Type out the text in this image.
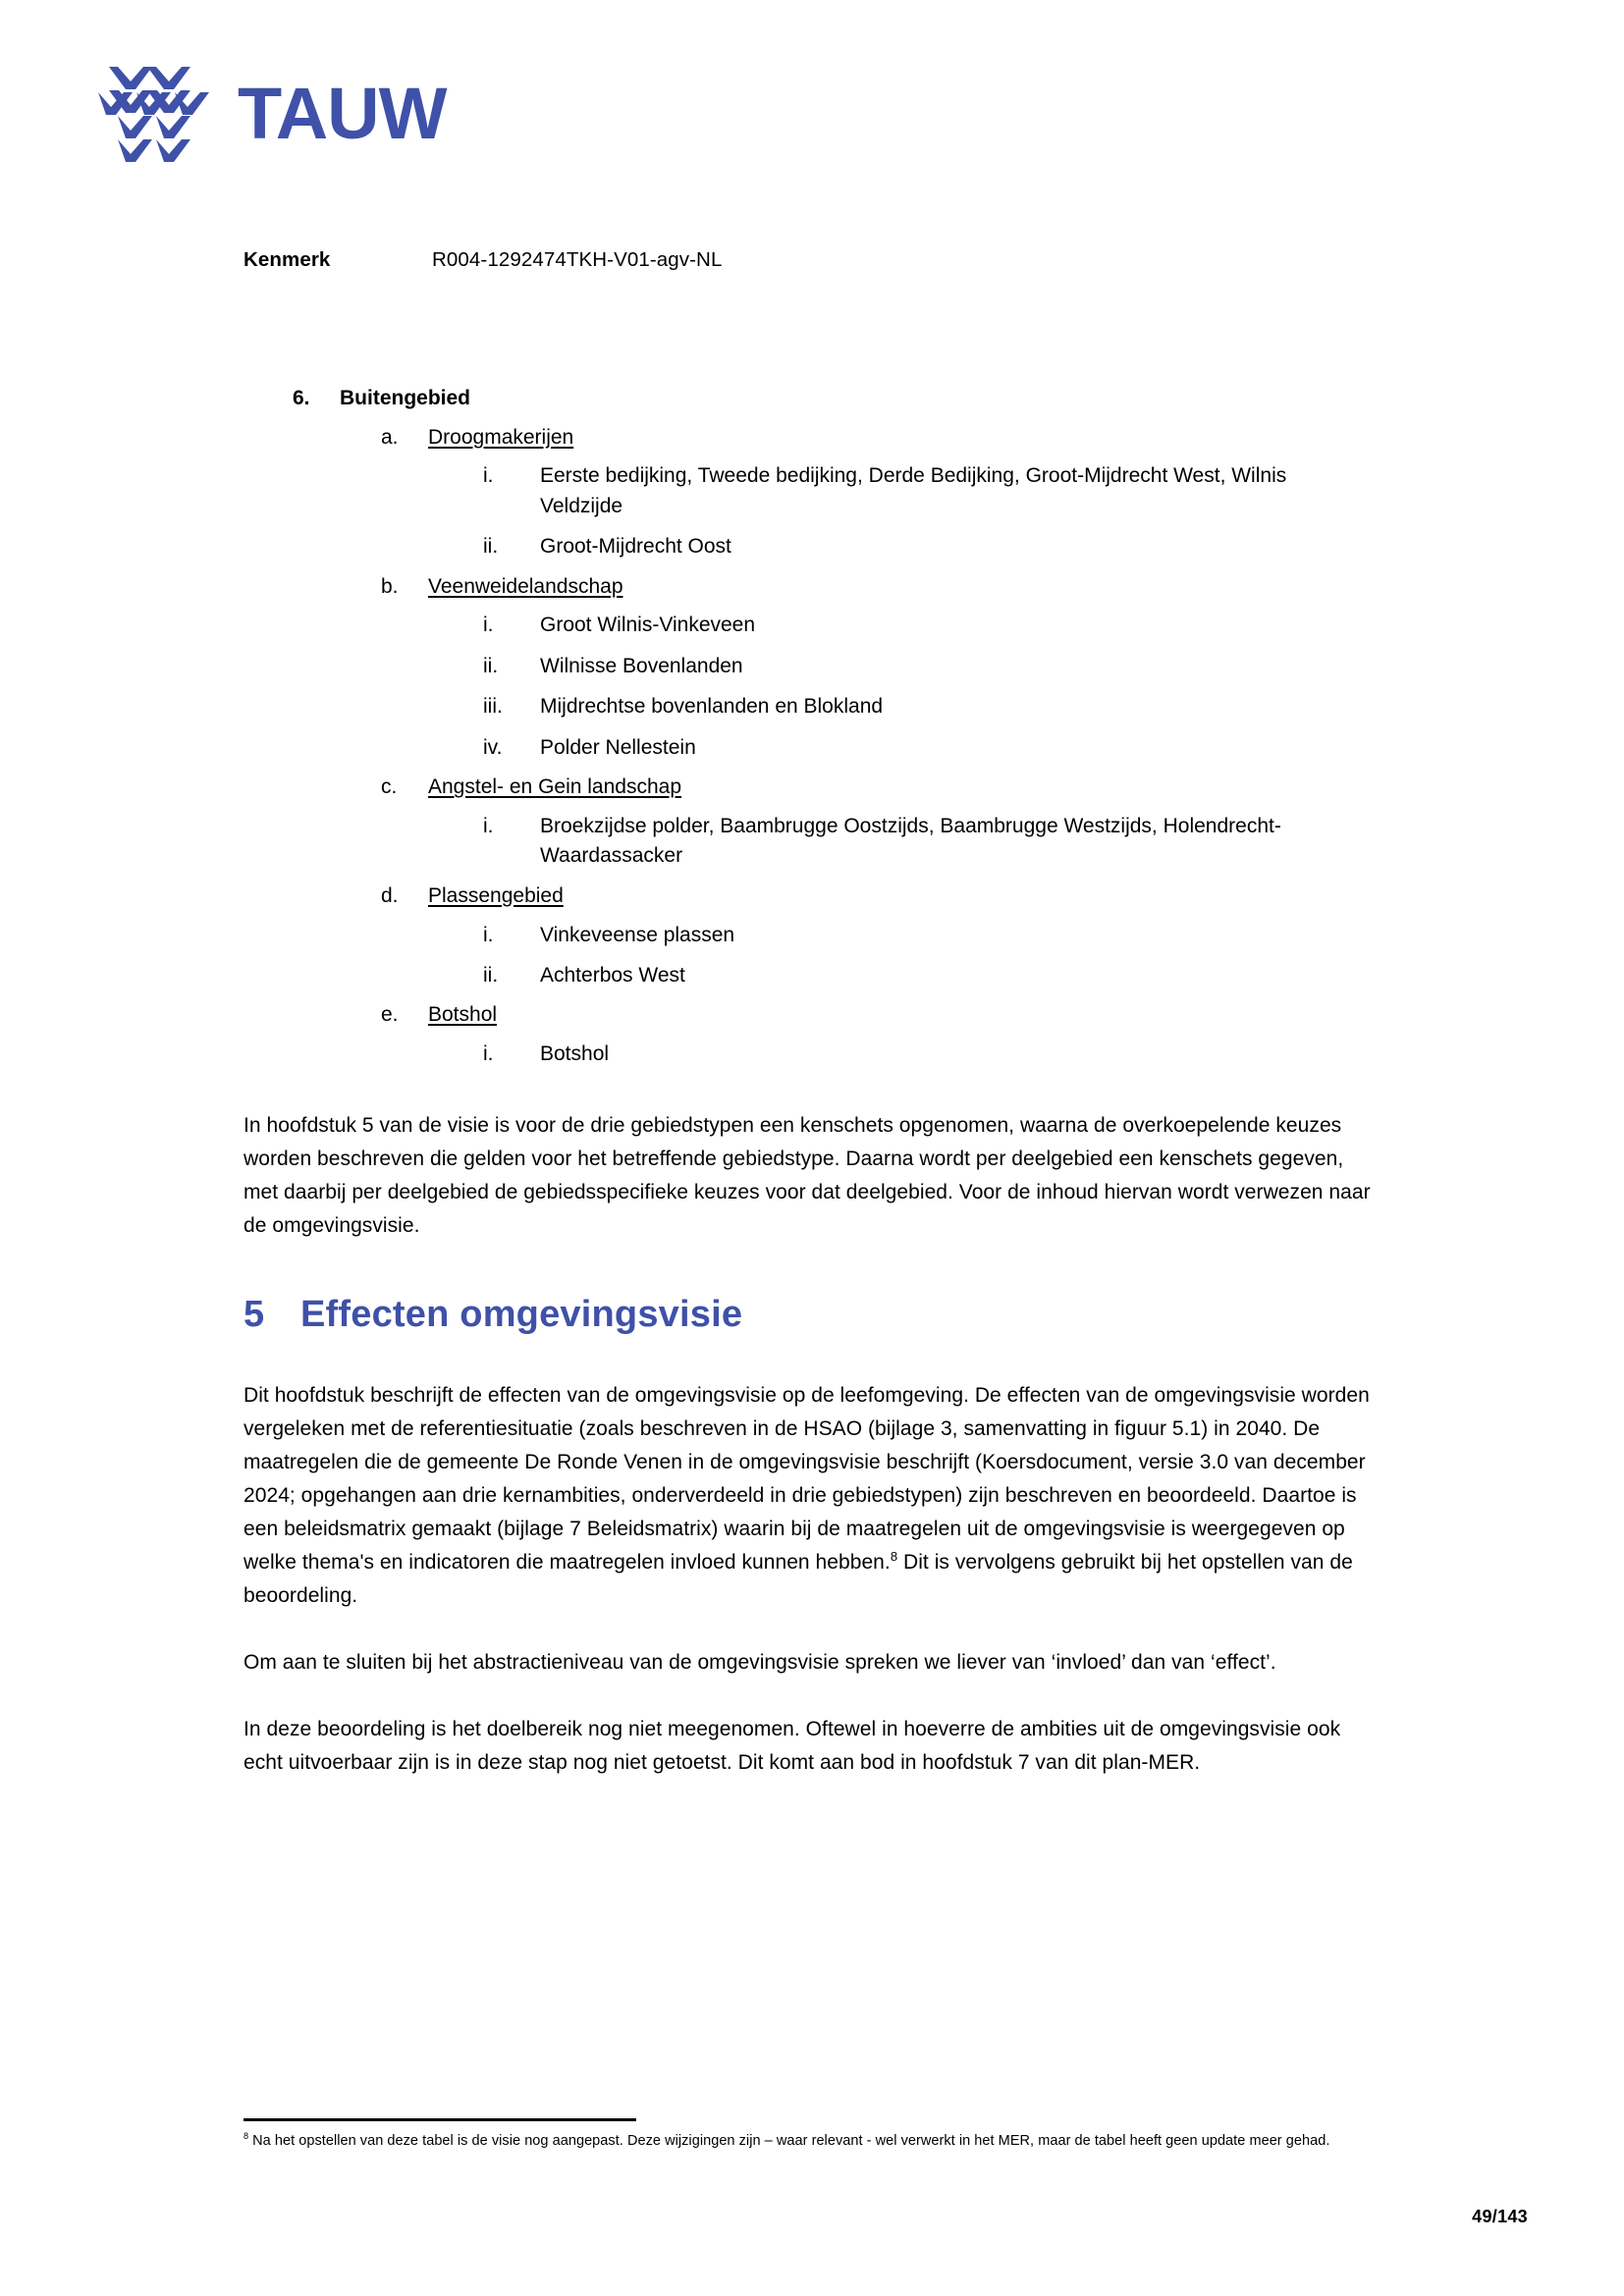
TAUW
Kenmerk	R004-1292474TKH-V01-agv-NL
6.	Buitengebied
a.	Droogmakerijen
i.	Eerste bedijking, Tweede bedijking, Derde Bedijking, Groot-Mijdrecht West, Wilnis Veldzijde
ii.	Groot-Mijdrecht Oost
b.	Veenweidelandschap
i.	Groot Wilnis-Vinkeveen
ii.	Wilnisse Bovenlanden
iii.	Mijdrechtse bovenlanden en Blokland
iv.	Polder Nellestein
c.	Angstel- en Gein landschap
i.	Broekzijdse polder, Baambrugge Oostzijds, Baambrugge Westzijds, Holendrecht-Waardassacker
d.	Plassengebied
i.	Vinkeveense plassen
ii.	Achterbos West
e.	Botshol
i.	Botshol

In hoofdstuk 5 van de visie is voor de drie gebiedstypen een kenschets opgenomen, waarna de overkoepelende keuzes worden beschreven die gelden voor het betreffende gebiedstype. Daarna wordt per deelgebied een kenschets gegeven, met daarbij per deelgebied de gebiedsspecifieke keuzes voor dat deelgebied. Voor de inhoud hiervan wordt verwezen naar de omgevingsvisie.

5 Effecten omgevingsvisie

Dit hoofdstuk beschrijft de effecten van de omgevingsvisie op de leefomgeving. De effecten van de omgevingsvisie worden vergeleken met de referentiesituatie (zoals beschreven in de HSAO (bijlage 3, samenvatting in figuur 5.1) in 2040. De maatregelen die de gemeente De Ronde Venen in de omgevingsvisie beschrijft (Koersdocument, versie 3.0 van december 2024; opgehangen aan drie kernambities, onderverdeeld in drie gebiedstypen) zijn beschreven en beoordeeld. Daartoe is een beleidsmatrix gemaakt (bijlage 7 Beleidsmatrix) waarin bij de maatregelen uit de omgevingsvisie is weergegeven op welke thema's en indicatoren die maatregelen invloed kunnen hebben.$^8$ Dit is vervolgens gebruikt bij het opstellen van de beoordeling.

Om aan te sluiten bij het abstractieniveau van de omgevingsvisie spreken we liever van ‘invloed’ dan van ‘effect’.

In deze beoordeling is het doelbereik nog niet meegenomen. Oftewel in hoeverre de ambities uit de omgevingsvisie ook echt uitvoerbaar zijn is in deze stap nog niet getoetst. Dit komt aan bod in hoofdstuk 7 van dit plan-MER.

$^8$ Na het opstellen van deze tabel is de visie nog aangepast. Deze wijzigingen zijn – waar relevant - wel verwerkt in het MER, maar de tabel heeft geen update meer gehad.
49/143
